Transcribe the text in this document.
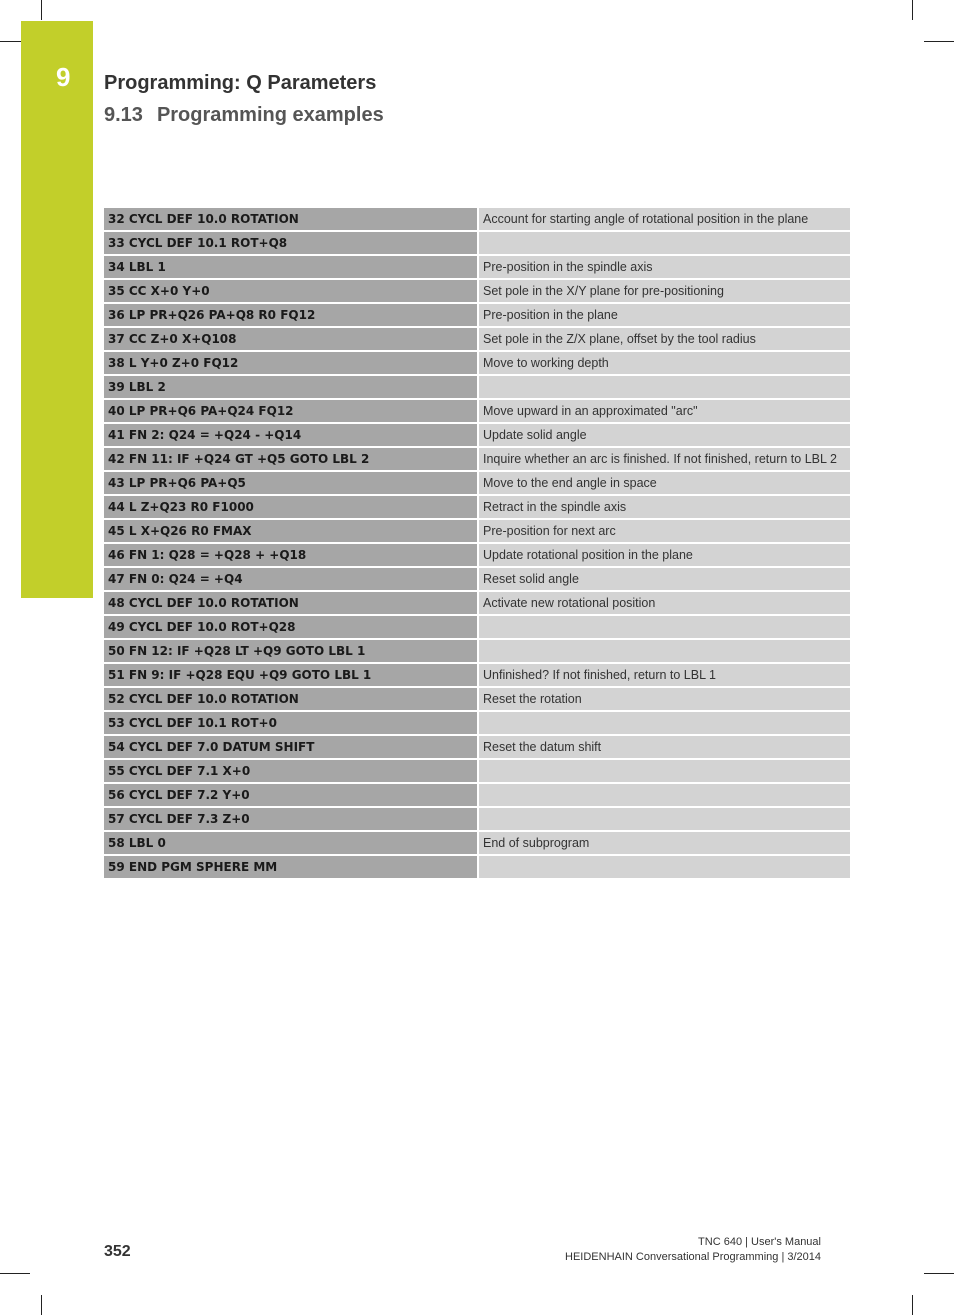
9 Programming: Q Parameters
9.13 Programming examples
32 CYCL DEF 10.0 ROTATION	Account for starting angle of rotational position in the plane
33 CYCL DEF 10.1 ROT+Q8	
34 LBL 1	Pre-position in the spindle axis
35 CC X+0 Y+0	Set pole in the X/Y plane for pre-positioning
36 LP PR+Q26 PA+Q8 R0 FQ12	Pre-position in the plane
37 CC Z+0 X+Q108	Set pole in the Z/X plane, offset by the tool radius
38 L Y+0 Z+0 FQ12	Move to working depth
39 LBL 2	
40 LP PR+Q6 PA+Q24 FQ12	Move upward in an approximated "arc"
41 FN 2: Q24 = +Q24 - +Q14	Update solid angle
42 FN 11: IF +Q24 GT +Q5 GOTO LBL 2	Inquire whether an arc is finished. If not finished, return to LBL 2
43 LP PR+Q6 PA+Q5	Move to the end angle in space
44 L Z+Q23 R0 F1000	Retract in the spindle axis
45 L X+Q26 R0 FMAX	Pre-position for next arc
46 FN 1: Q28 = +Q28 + +Q18	Update rotational position in the plane
47 FN 0: Q24 = +Q4	Reset solid angle
48 CYCL DEF 10.0 ROTATION	Activate new rotational position
49 CYCL DEF 10.0 ROT+Q28	
50 FN 12: IF +Q28 LT +Q9 GOTO LBL 1	
51 FN 9: IF +Q28 EQU +Q9 GOTO LBL 1	Unfinished? If not finished, return to LBL 1
52 CYCL DEF 10.0 ROTATION	Reset the rotation
53 CYCL DEF 10.1 ROT+0	
54 CYCL DEF 7.0 DATUM SHIFT	Reset the datum shift
55 CYCL DEF 7.1 X+0	
56 CYCL DEF 7.2 Y+0	
57 CYCL DEF 7.3 Z+0	
58 LBL 0	End of subprogram
59 END PGM SPHERE MM	
352
TNC 640 | User's Manual
HEIDENHAIN Conversational Programming | 3/2014
